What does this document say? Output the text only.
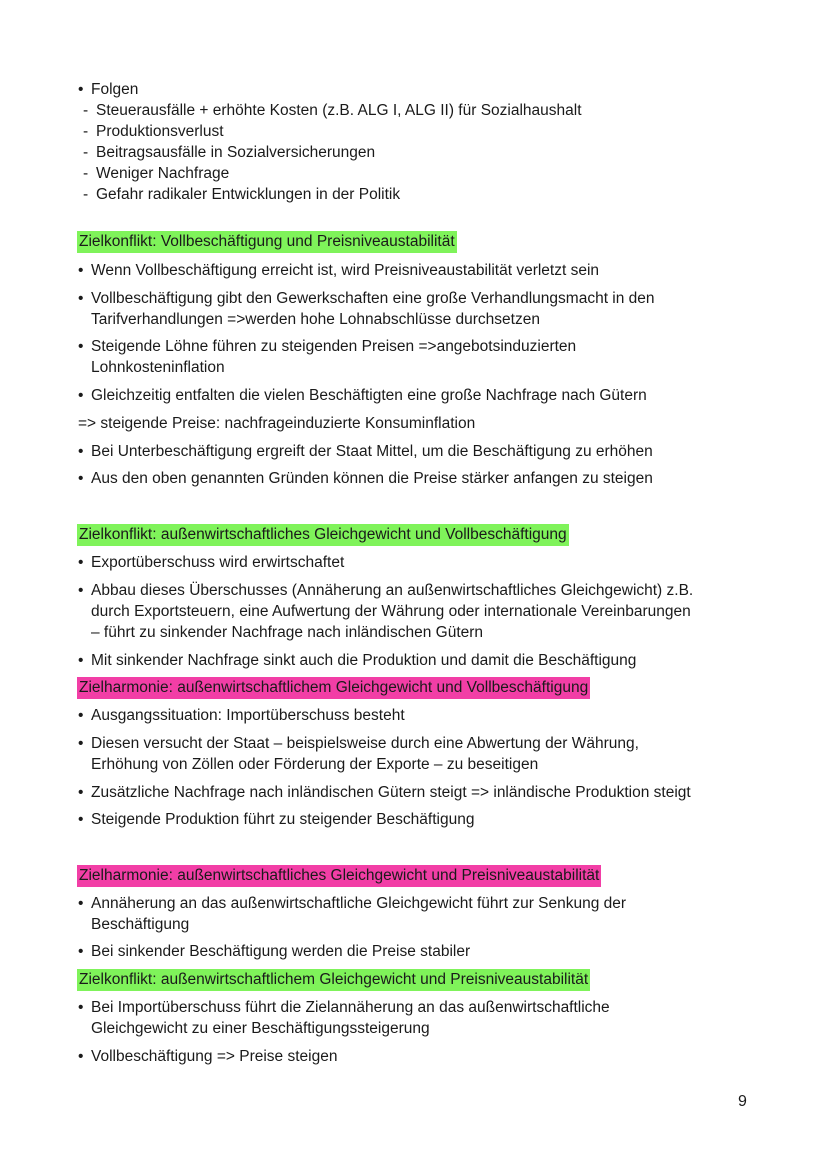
• Folgen
- Steuerausfälle + erhöhte Kosten (z.B. ALG I, ALG II) für Sozialhaushalt
- Produktionsverlust
- Beitragsausfälle in Sozialversicherungen
- Weniger Nachfrage
- Gefahr radikaler Entwicklungen in der Politik
Zielkonflikt: Vollbeschäftigung und Preisniveaustabilität
• Wenn Vollbeschäftigung erreicht ist, wird Preisniveaustabilität verletzt sein
• Vollbeschäftigung gibt den Gewerkschaften eine große Verhandlungsmacht in den
Tarifverhandlungen =>werden hohe Lohnabschlüsse durchsetzen
• Steigende Löhne führen zu steigenden Preisen =>angebotsinduzierten
Lohnkosteninflation
• Gleichzeitig entfalten die vielen Beschäftigten eine große Nachfrage nach Gütern
=> steigende Preise: nachfrageinduzierte Konsuminflation
• Bei Unterbeschäftigung ergreift der Staat Mittel, um die Beschäftigung zu erhöhen
• Aus den oben genannten Gründen können die Preise stärker anfangen zu steigen
Zielkonflikt: außenwirtschaftliches Gleichgewicht und Vollbeschäftigung
• Exportüberschuss wird erwirtschaftet
• Abbau dieses Überschusses (Annäherung an außenwirtschaftliches Gleichgewicht) z.B.
durch Exportsteuern, eine Aufwertung der Währung oder internationale Vereinbarungen
– führt zu sinkender Nachfrage nach inländischen Gütern
• Mit sinkender Nachfrage sinkt auch die Produktion und damit die Beschäftigung
Zielharmonie: außenwirtschaftlichem Gleichgewicht und Vollbeschäftigung
• Ausgangssituation: Importüberschuss besteht
• Diesen versucht der Staat – beispielsweise durch eine Abwertung der Währung,
Erhöhung von Zöllen oder Förderung der Exporte – zu beseitigen
• Zusätzliche Nachfrage nach inländischen Gütern steigt => inländische Produktion steigt
• Steigende Produktion führt zu steigender Beschäftigung
Zielharmonie: außenwirtschaftliches Gleichgewicht und Preisniveaustabilität
• Annäherung an das außenwirtschaftliche Gleichgewicht führt zur Senkung der
Beschäftigung
• Bei sinkender Beschäftigung werden die Preise stabiler
Zielkonflikt: außenwirtschaftlichem Gleichgewicht und Preisniveaustabilität
• Bei Importüberschuss führt die Zielannäherung an das außenwirtschaftliche
Gleichgewicht zu einer Beschäftigungssteigerung
• Vollbeschäftigung => Preise steigen
9
